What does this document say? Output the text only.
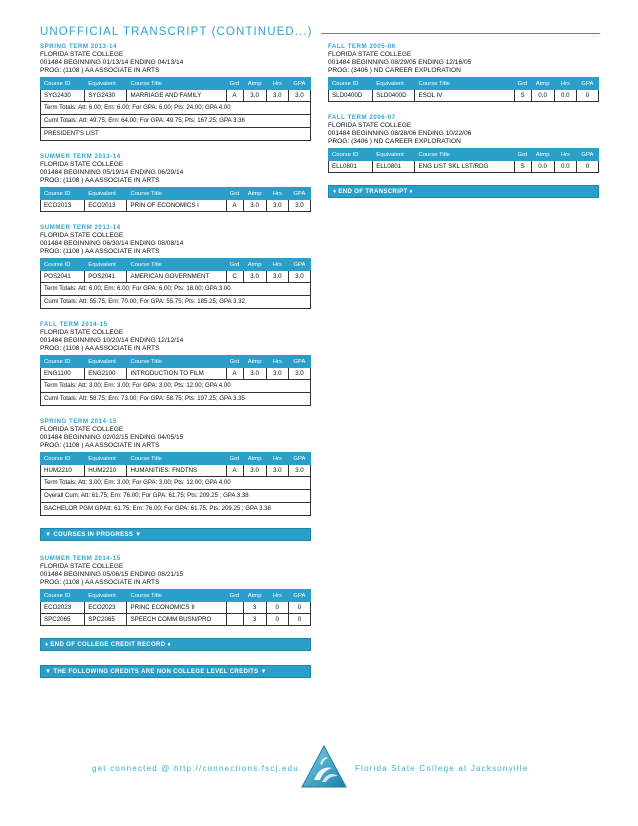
UNOFFICIAL TRANSCRIPT (CONTINUED...)
SPRING TERM 2013-14
FLORIDA STATE COLLEGE
001484 BEGINNING 01/13/14 ENDING 04/13/14
PROG: (1108 ) AA ASSOCIATE IN ARTS
Course ID	Equivalent	Course Title	Grd	Atmp	Hrs	GPA
SYG2430	SYG2430	MARRIAGE AND FAMILY	A	3.0	3.0	3.0
Term Totals: Att: 6.00; Ern: 6.00; For GPA: 6.00; Pts: 24.00; GPA 4.00
Cuml Totals: Att: 49.75; Ern: 64.00; For GPA: 49.75; Pts: 167.25; GPA 3.36
PRESIDENT'S LIST
SUMMER TERM 2013-14
FLORIDA STATE COLLEGE
001484 BEGINNING 05/19/14 ENDING 06/29/14
PROG: (1108 ) AA ASSOCIATE IN ARTS
Course ID	Equivalent	Course Title	Grd	Atmp	Hrs	GPA
ECO2013	ECO2013	PRIN OF ECONOMICS I	A	3.0	3.0	3.0
SUMMER TERM 2013-14
FLORIDA STATE COLLEGE
001484 BEGINNING 06/30/14 ENDING 08/08/14
PROG: (1108 ) AA ASSOCIATE IN ARTS
Course ID	Equivalent	Course Title	Grd	Atmp	Hrs	GPA
POS2041	POS2041	AMERICAN GOVERNMENT	C	3.0	3.0	3.0
Term Totals: Att: 6.00; Ern: 6.00; For GPA: 6.00; Pts: 18.00; GPA 3.00
Cuml Totals: Att: 55.75; Ern: 70.00; For GPA: 55.75; Pts: 185.25; GPA 3.32
FALL TERM 2014-15
FLORIDA STATE COLLEGE
001484 BEGINNING 10/20/14 ENDING 12/12/14
PROG: (1108 ) AA ASSOCIATE IN ARTS
Course ID	Equivalent	Course Title	Grd	Atmp	Hrs	GPA
ENG1100	ENG2100	INTRODUCTION TO FILM	A	3.0	3.0	3.0
Term Totals: Att: 3.00; Ern: 3.00; For GPA: 3.00; Pts: 12.00; GPA 4.00
Cuml Totals: Att: 58.75; Ern: 73.00; For GPA: 58.75; Pts: 197.25; GPA 3.35
SPRING TERM 2014-15
FLORIDA STATE COLLEGE
001484 BEGINNING 02/02/15 ENDING 04/05/15
PROG: (1108 ) AA ASSOCIATE IN ARTS
Course ID	Equivalent	Course Title	Grd	Atmp	Hrs	GPA
HUM2210	HUM2210	HUMANITIES: FNDTNS	A	3.0	3.0	3.0
Term Totals: Att: 3.00; Ern: 3.00; For GPA: 3.00; Pts: 12.00; GPA 4.00
Overall Cum: Att: 61.75; Ern: 76.00; For GPA: 61.75; Pts: 209.25 ; GPA 3.38
BACHELOR PGM GPAtt: 61.75; Ern: 76.00; For GPA: 61.75; Pts: 209.25 ; GPA 3.38
▼ COURSES IN PROGRESS ▼
SUMMER TERM 2014-15
FLORIDA STATE COLLEGE
001484 BEGINNING 05/06/15 ENDING 08/21/15
PROG: (1108 ) AA ASSOCIATE IN ARTS
Course ID	Equivalent	Course Title	Grd	Atmp	Hrs	GPA
ECO2023	ECO2023	PRINC ECONOMICS II		3	0	0
SPC2065	SPC2065	SPEECH COMM BUSN/PRO		3	0	0
♦ END OF COLLEGE CREDIT RECORD ♦
▼ THE FOLLOWING CREDITS ARE NON COLLEGE LEVEL CREDITS ▼
FALL TERM 2005-06
FLORIDA STATE COLLEGE
001484 BEGINNING 08/29/05 ENDING 12/16/05
PROG: (3406 ) ND CAREER EXPLORATION
Course ID	Equivalent	Course Title	Grd	Atmp	Hrs	GPA
SLD0400D	SLD0400D	ESOL IV	S	0.0	0.0	0
FALL TERM 2006-07
FLORIDA STATE COLLEGE
001484 BEGINNING 08/28/06 ENDING 10/22/06
PROG: (3406 ) ND CAREER EXPLORATION
Course ID	Equivalent	Course Title	Grd	Atmp	Hrs	GPA
ELL0801	ELL0801	ENG LIST SKL LST/RDG	S	0.0	0.0	0
♦ END OF TRANSCRIPT ♦
get connected @ http://connections.fscj.edu	Florida State College at Jacksonville
